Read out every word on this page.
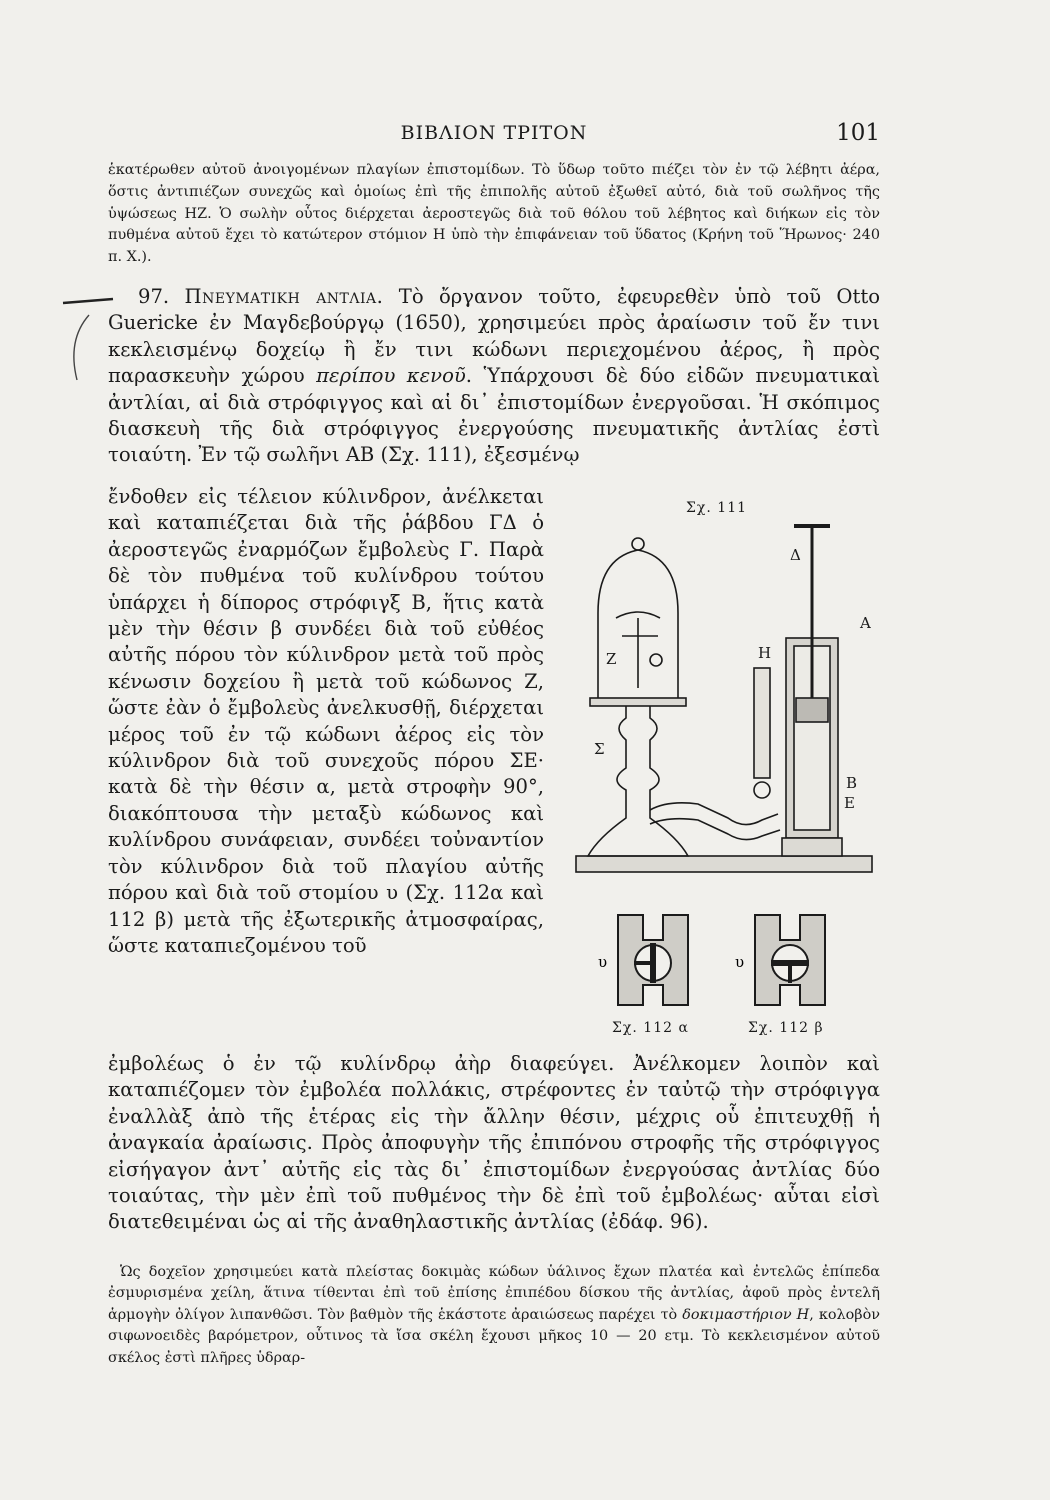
ΒΙΒΛΙΟΝ ΤΡΙΤΟΝ	101

ἑκατέρωθεν αὐτοῦ ἀνοιγομένων πλαγίων ἐπιστομίδων. Τὸ ὕδωρ τοῦτο πιέζει τὸν ἐν τῷ λέβητι ἀέρα, ὅστις ἀντιπιέζων συνεχῶς καὶ ὁμοίως ἐπὶ τῆς ἐπιπολῆς αὐτοῦ ἐξωθεῖ αὐτό, διὰ τοῦ σωλῆνος τῆς ὑψώσεως ΗΖ. Ὁ σωλὴν οὗτος διέρχεται ἀεροστεγῶς διὰ τοῦ θόλου τοῦ λέβητος καὶ διήκων εἰς τὸν πυθμένα αὐτοῦ ἔχει τὸ κατώτερον στόμιον Η ὑπὸ τὴν ἐπιφάνειαν τοῦ ὕδατος (Κρήνη τοῦ Ἥρωνος· 240 π. Χ.).

97. Πνευματικη αντλια. Τὸ ὄργανον τοῦτο, ἐφευρεθὲν ὑπὸ τοῦ Otto Guericke ἐν Μαγδεβούργῳ (1650), χρησιμεύει πρὸς ἀραίωσιν τοῦ ἔν τινι κεκλεισμένῳ δοχείῳ ἢ ἔν τινι κώδωνι περιεχομένου ἀέρος, ἢ πρὸς παρασκευὴν χώρου περίπου κενοῦ. Ὑπάρχουσι δὲ δύο εἰδῶν πνευματικαὶ ἀντλίαι, αἱ διὰ στρόφιγγος καὶ αἱ δι᾽ ἐπιστομίδων ἐνεργοῦσαι. Ἡ σκόπιμος διασκευὴ τῆς διὰ στρόφιγγος ἐνεργούσης πνευματικῆς ἀντλίας ἐστὶ τοιαύτη. Ἐν τῷ σωλῆνι ΑΒ (Σχ. 111), ἐξεσμένῳ

ἔνδοθεν εἰς τέλειον κύλινδρον, ἀνέλκεται καὶ καταπιέζεται διὰ τῆς ῥάβδου ΓΔ ὁ ἀεροστεγῶς ἐναρμόζων ἔμβολεὺς Γ. Παρὰ δὲ τὸν πυθμένα τοῦ κυλίνδρου τούτου ὑπάρχει ἡ δίπορος στρόφιγξ Β, ἥτις κατὰ μὲν τὴν θέσιν β συνδέει διὰ τοῦ εὐθέος αὐτῆς πόρου τὸν κύλινδρον μετὰ τοῦ πρὸς κένωσιν δοχείου ἢ μετὰ τοῦ κώδωνος Ζ, ὥστε ἐὰν ὁ ἔμβολεὺς ἀνελκυσθῇ, διέρχεται μέρος τοῦ ἐν τῷ κώδωνι ἀέρος εἰς τὸν κύλινδρον διὰ τοῦ συνεχοῦς πόρου ΣΕ· κατὰ δὲ τὴν θέσιν α, μετὰ στροφὴν 90°, διακόπτουσα τὴν μεταξὺ κώδωνος καὶ κυλίνδρου συνάφειαν, συνδέει τοὐναντίον τὸν κύλινδρον διὰ τοῦ πλαγίου αὐτῆς πόρου καὶ διὰ τοῦ στομίου υ (Σχ. 112α καὶ 112 β) μετὰ τῆς ἐξωτερικῆς ἀτμοσφαίρας, ὥστε καταπιεζομένου τοῦ

Σχ. 111
Δ
Α
Η
Ζ
Σ
Β
Ε
υ	υ
Σχ. 112 α	Σχ. 112 β

ἐμβολέως ὁ ἐν τῷ κυλίνδρῳ ἀὴρ διαφεύγει. Ἀνέλκομεν λοιπὸν καὶ καταπιέζομεν τὸν ἐμβολέα πολλάκις, στρέφοντες ἐν ταὐτῷ τὴν στρόφιγγα ἐναλλὰξ ἀπὸ τῆς ἑτέρας εἰς τὴν ἄλλην θέσιν, μέχρις οὗ ἐπιτευχθῇ ἡ ἀναγκαία ἀραίωσις. Πρὸς ἀποφυγὴν τῆς ἐπιπόνου στροφῆς τῆς στρόφιγγος εἰσήγαγον ἀντ᾽ αὐτῆς εἰς τὰς δι᾽ ἐπιστομίδων ἐνεργούσας ἀντλίας δύο τοιαύτας, τὴν μὲν ἐπὶ τοῦ πυθμένος τὴν δὲ ἐπὶ τοῦ ἐμβολέως· αὗται εἰσὶ διατεθειμέναι ὡς αἱ τῆς ἀναθηλαστικῆς ἀντλίας (ἐδάφ. 96).

Ὡς δοχεῖον χρησιμεύει κατὰ πλείστας δοκιμὰς κώδων ὑάλινος ἔχων πλατέα καὶ ἐντελῶς ἐπίπεδα ἐσμυρισμένα χείλη, ἅτινα τίθενται ἐπὶ τοῦ ἐπίσης ἐπιπέδου δίσκου τῆς ἀντλίας, ἀφοῦ πρὸς ἐντελῆ ἁρμογὴν ὀλίγον λιπανθῶσι. Τὸν βαθμὸν τῆς ἑκάστοτε ἀραιώσεως παρέχει τὸ δοκιμαστήριον Η, κολοβὸν σιφωνοειδὲς βαρόμετρον, οὗτινος τὰ ἴσα σκέλη ἔχουσι μῆκος 10 — 20 ετμ. Τὸ κεκλεισμένον αὐτοῦ σκέλος ἐστὶ πλῆρες ὑδραρ-
